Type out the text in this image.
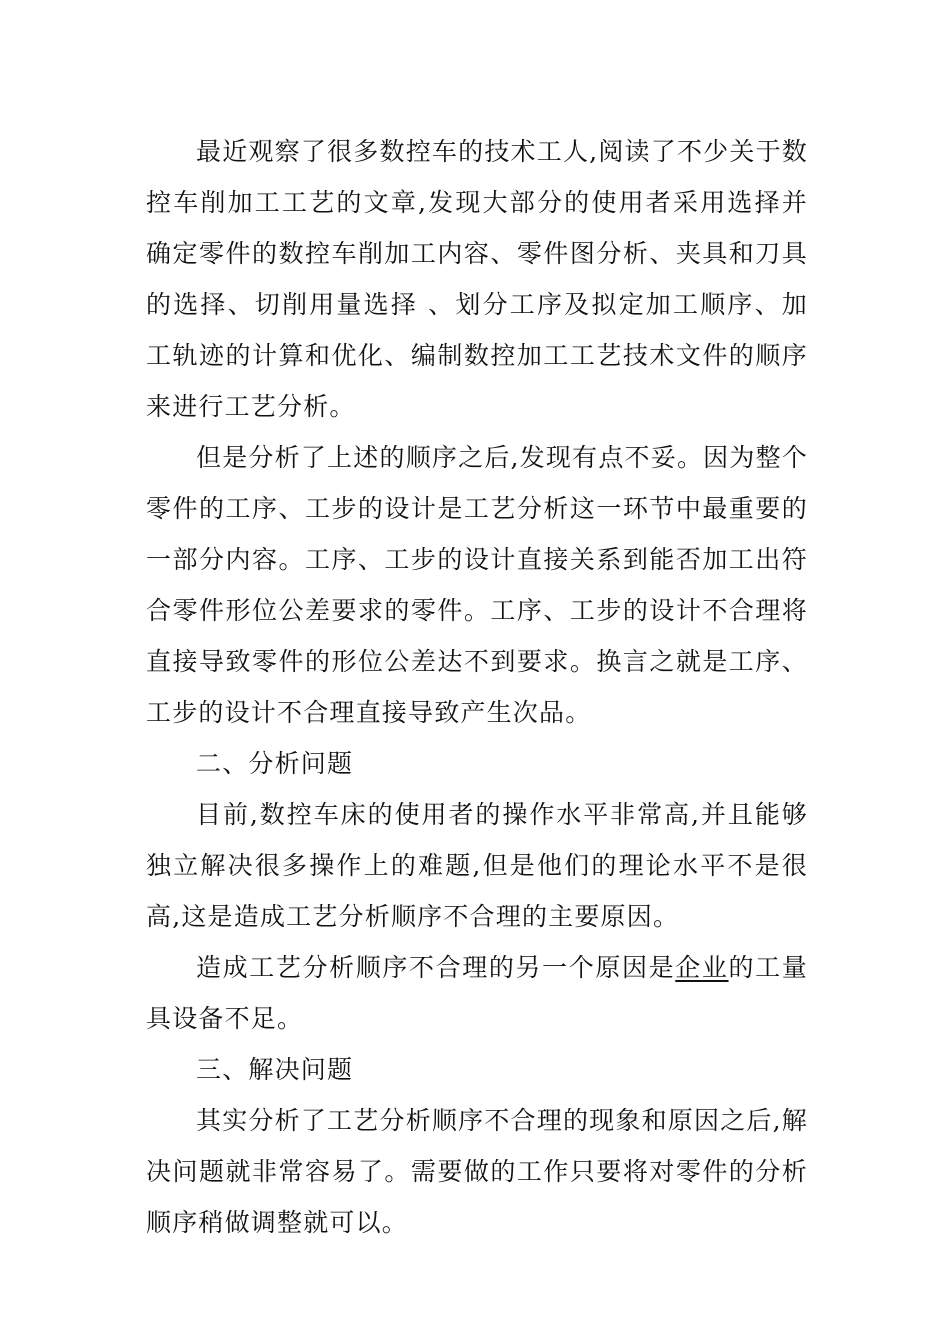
最近观察了很多数控车的技术工人,阅读了不少关于数控车削加工工艺的文章,发现大部分的使用者采用选择并确定零件的数控车削加工内容、零件图分析、夹具和刀具的选择、切削用量选择 、划分工序及拟定加工顺序、加工轨迹的计算和优化、编制数控加工工艺技术文件的顺序来进行工艺分析。

但是分析了上述的顺序之后,发现有点不妥。因为整个零件的工序、工步的设计是工艺分析这一环节中最重要的一部分内容。工序、工步的设计直接关系到能否加工出符合零件形位公差要求的零件。工序、工步的设计不合理将直接导致零件的形位公差达不到要求。换言之就是工序、工步的设计不合理直接导致产生次品。

二、分析问题

目前,数控车床的使用者的操作水平非常高,并且能够独立解决很多操作上的难题,但是他们的理论水平不是很高,这是造成工艺分析顺序不合理的主要原因。

造成工艺分析顺序不合理的另一个原因是企业的工量具设备不足。

三、解决问题

其实分析了工艺分析顺序不合理的现象和原因之后,解决问题就非常容易了。需要做的工作只要将对零件的分析顺序稍做调整就可以。
